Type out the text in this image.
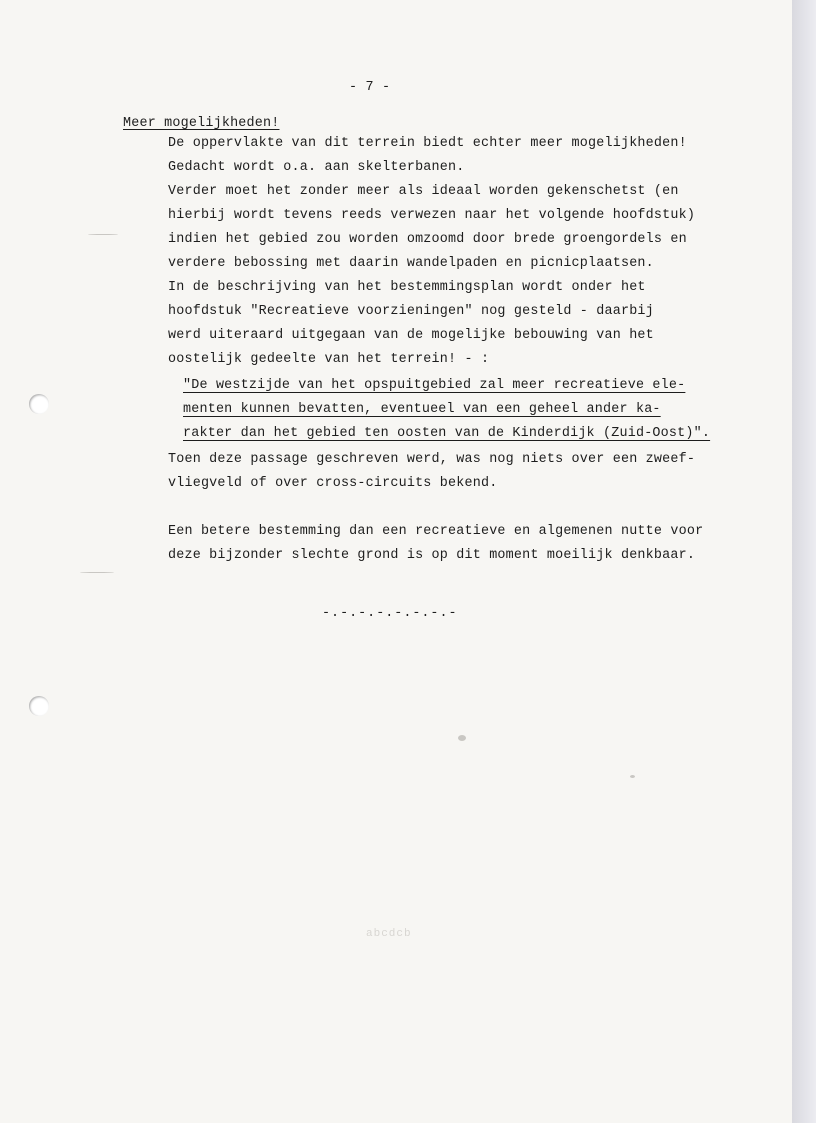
- 7 -
Meer mogelijkheden!
De oppervlakte van dit terrein biedt echter meer mogelijkheden!
Gedacht wordt o.a. aan skelterbanen.
Verder moet het zonder meer als ideaal worden gekenschetst (en
hierbij wordt tevens reeds verwezen naar het volgende hoofdstuk)
indien het gebied zou worden omzoomd door brede groengordels en
verdere bebossing met daarin wandelpaden en picnicplaatsen.
In de beschrijving van het bestemmingsplan wordt onder het
hoofdstuk "Recreatieve voorzieningen" nog gesteld - daarbij
werd uiteraard uitgegaan van de mogelijke bebouwing van het
oostelijk gedeelte van het terrein! - :
"De westzijde van het opspuitgebied zal meer recreatieve ele-
menten kunnen bevatten, eventueel van een geheel ander ka-
rakter dan het gebied ten oosten van de Kinderdijk (Zuid-Oost)".
Toen deze passage geschreven werd, was nog niets over een zweef-
vliegveld of over cross-circuits bekend.
Een betere bestemming dan een recreatieve en algemenen nutte voor
deze bijzonder slechte grond is op dit moment moeilijk denkbaar.
-.-.-.-.-.-.-.-
abcdcb
